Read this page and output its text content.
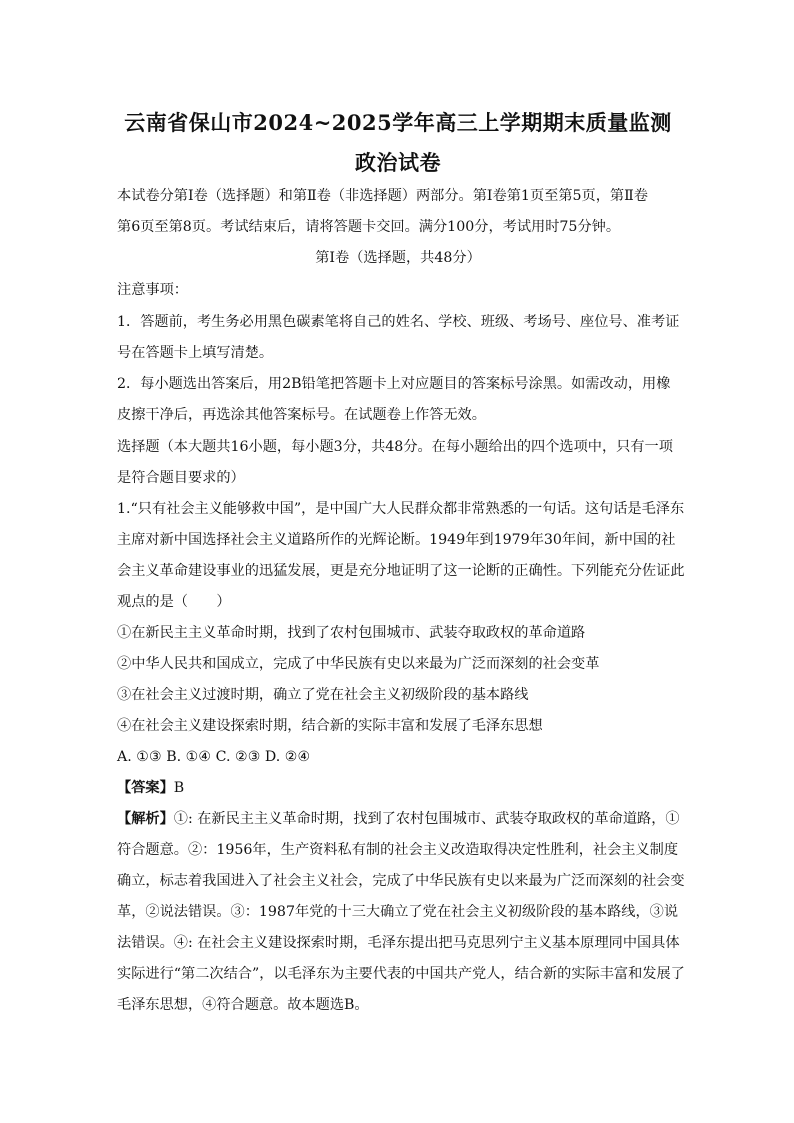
云南省保山市2024~2025学年高三上学期期末质量监测
政治试卷
本试卷分第Ⅰ卷（选择题）和第Ⅱ卷（非选择题）两部分。第Ⅰ卷第1页至第5页，第Ⅱ卷
第6页至第8页。考试结束后，请将答题卡交回。满分100分，考试用时75分钟。
第Ⅰ卷（选择题，共48分）
注意事项：
1．答题前，考生务必用黑色碳素笔将自己的姓名、学校、班级、考场号、座位号、准考证
号在答题卡上填写清楚。
2．每小题选出答案后，用2B铅笔把答题卡上对应题目的答案标号涂黑。如需改动，用橡
皮擦干净后，再选涂其他答案标号。在试题卷上作答无效。
选择题（本大题共16小题，每小题3分，共48分。在每小题给出的四个选项中，只有一项
是符合题目要求的）
1.“只有社会主义能够救中国”，是中国广大人民群众都非常熟悉的一句话。这句话是毛泽东
主席对新中国选择社会主义道路所作的光辉论断。1949年到1979年30年间，新中国的社
会主义革命建设事业的迅猛发展，更是充分地证明了这一论断的正确性。下列能充分佐证此
观点的是（　　）
①在新民主主义革命时期，找到了农村包围城市、武装夺取政权的革命道路
②中华人民共和国成立，完成了中华民族有史以来最为广泛而深刻的社会变革
③在社会主义过渡时期，确立了党在社会主义初级阶段的基本路线
④在社会主义建设探索时期，结合新的实际丰富和发展了毛泽东思想
A. ①③ B. ①④ C. ②③ D. ②④
【答案】B
【解析】①: 在新民主主义革命时期，找到了农村包围城市、武装夺取政权的革命道路，①
符合题意。②：1956年，生产资料私有制的社会主义改造取得决定性胜利，社会主义制度
确立，标志着我国进入了社会主义社会，完成了中华民族有史以来最为广泛而深刻的社会变
革，②说法错误。③：1987年党的十三大确立了党在社会主义初级阶段的基本路线，③说
法错误。④: 在社会主义建设探索时期，毛泽东提出把马克思列宁主义基本原理同中国具体
实际进行“第二次结合”，以毛泽东为主要代表的中国共产党人，结合新的实际丰富和发展了
毛泽东思想，④符合题意。故本题选B。
